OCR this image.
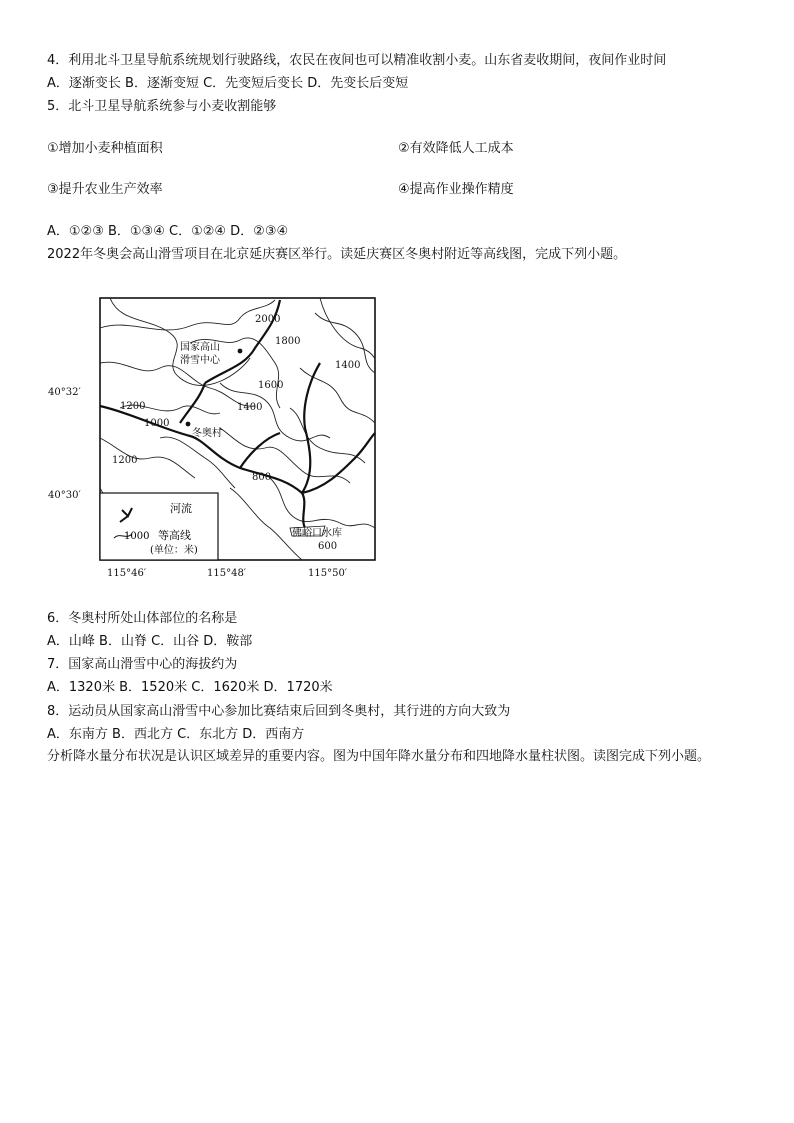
4．利用北斗卫星导航系统规划行驶路线，农民在夜间也可以精准收割小麦。山东省麦收期间，夜间作业时间
A．逐渐变长 B．逐渐变短 C．先变短后变长 D．先变长后变短
5．北斗卫星导航系统参与小麦收割能够
①增加小麦种植面积	②有效降低人工成本
③提升农业生产效率	④提高作业操作精度
A．①②③ B．①③④ C．①②④ D．②③④
2022年冬奥会高山滑雪项目在北京延庆赛区举行。读延庆赛区冬奥村附近等高线图，完成下列小题。
河流
1000 等高线
(单位：米)
2000
1800
1600
1400
1400
1200
1000
1200
800
600
国家高山
滑雪中心
冬奥村
佛峪口水库
40°32′
40°30′
115°46′	115°48′	115°50′
6．冬奥村所处山体部位的名称是
A．山峰 B．山脊 C．山谷 D．鞍部
7．国家高山滑雪中心的海拔约为
A．1320米 B．1520米 C．1620米 D．1720米
8．运动员从国家高山滑雪中心参加比赛结束后回到冬奥村，其行进的方向大致为
A．东南方 B．西北方 C．东北方 D．西南方
分析降水量分布状况是认识区域差异的重要内容。图为中国年降水量分布和四地降水量柱状图。读图完成下列小题。
